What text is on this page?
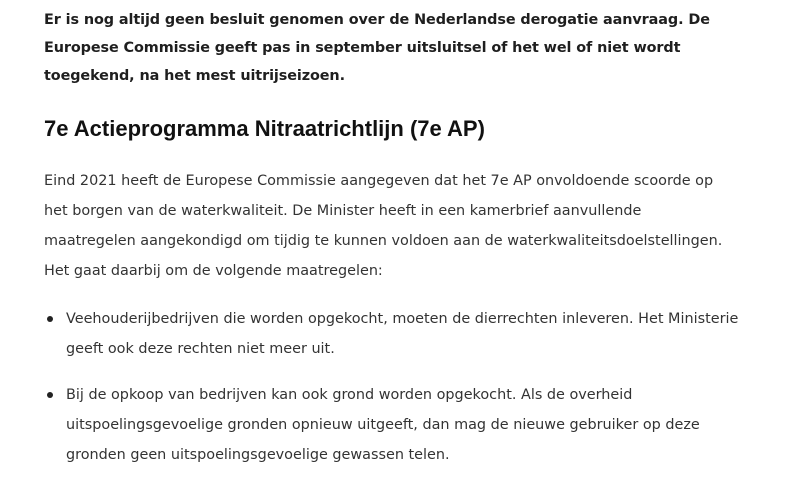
Er is nog altijd geen besluit genomen over de Nederlandse derogatie aanvraag. De Europese Commissie geeft pas in september uitsluitsel of het wel of niet wordt toegekend, na het mest uitrijseizoen.

7e Actieprogramma Nitraatrichtlijn (7e AP)

Eind 2021 heeft de Europese Commissie aangegeven dat het 7e AP onvoldoende scoorde op het borgen van de waterkwaliteit. De Minister heeft in een kamerbrief aanvullende maatregelen aangekondigd om tijdig te kunnen voldoen aan de waterkwaliteitsdoelstellingen. Het gaat daarbij om de volgende maatregelen:

Veehouderijbedrijven die worden opgekocht, moeten de dierrechten inleveren. Het Ministerie geeft ook deze rechten niet meer uit.
Bij de opkoop van bedrijven kan ook grond worden opgekocht. Als de overheid uitspoelingsgevoelige gronden opnieuw uitgeeft, dan mag de nieuwe gebruiker op deze gronden geen uitspoelingsgevoelige gewassen telen.
